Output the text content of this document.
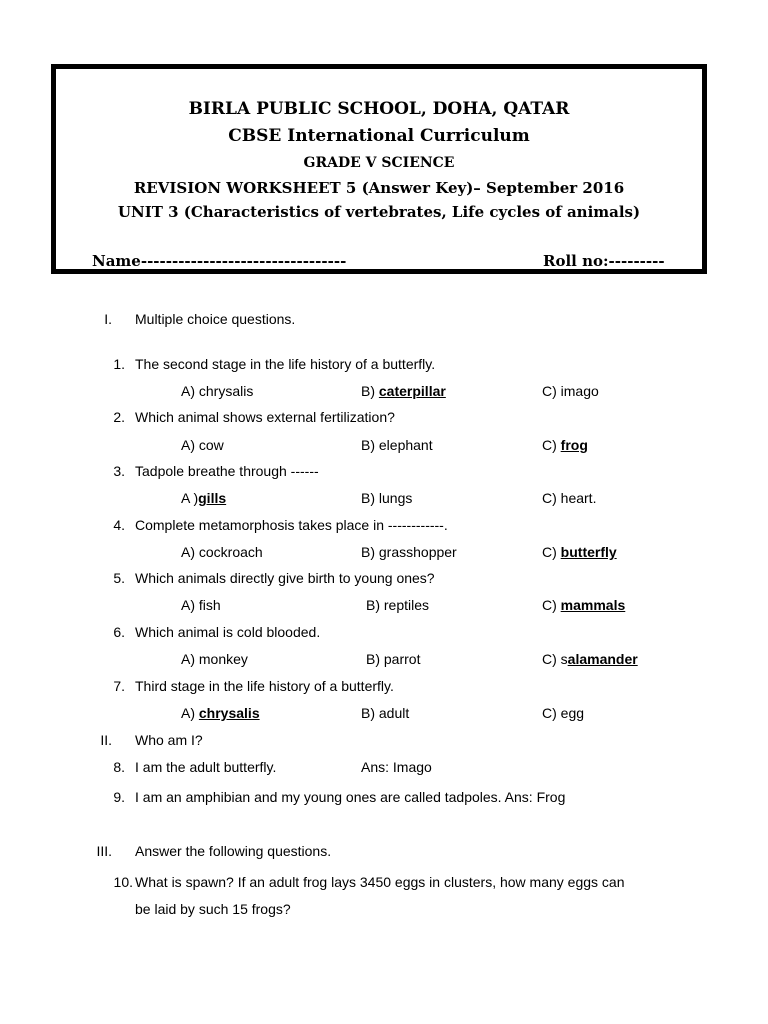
BIRLA PUBLIC SCHOOL, DOHA, QATAR
CBSE International Curriculum
GRADE V SCIENCE
REVISION WORKSHEET 5 (Answer Key)– September 2016
UNIT 3 (Characteristics of vertebrates, Life cycles of animals)
Name---------------------------------	Roll no:---------
I. Multiple choice questions.
1. The second stage in the life history of a butterfly.
A) chrysalis	B) caterpillar	C) imago
2. Which animal shows external fertilization?
A) cow	B) elephant	C) frog
3. Tadpole breathe through ------
A )gills	B) lungs	C) heart.
4. Complete metamorphosis takes place in ------------.
A) cockroach	B) grasshopper	C) butterfly
5. Which animals directly give birth to young ones?
A) fish	B) reptiles	C) mammals
6. Which animal is cold blooded.
A) monkey	B) parrot	C) salamander
7. Third stage in the life history of a butterfly.
A) chrysalis	B) adult	C) egg
II. Who am I?
8. I am the adult butterfly.	Ans: Imago
9. I am an amphibian and my young ones are called tadpoles. Ans: Frog
III. Answer the following questions.
10. What is spawn? If an adult frog lays 3450 eggs in clusters, how many eggs can
be laid by such 15 frogs?
